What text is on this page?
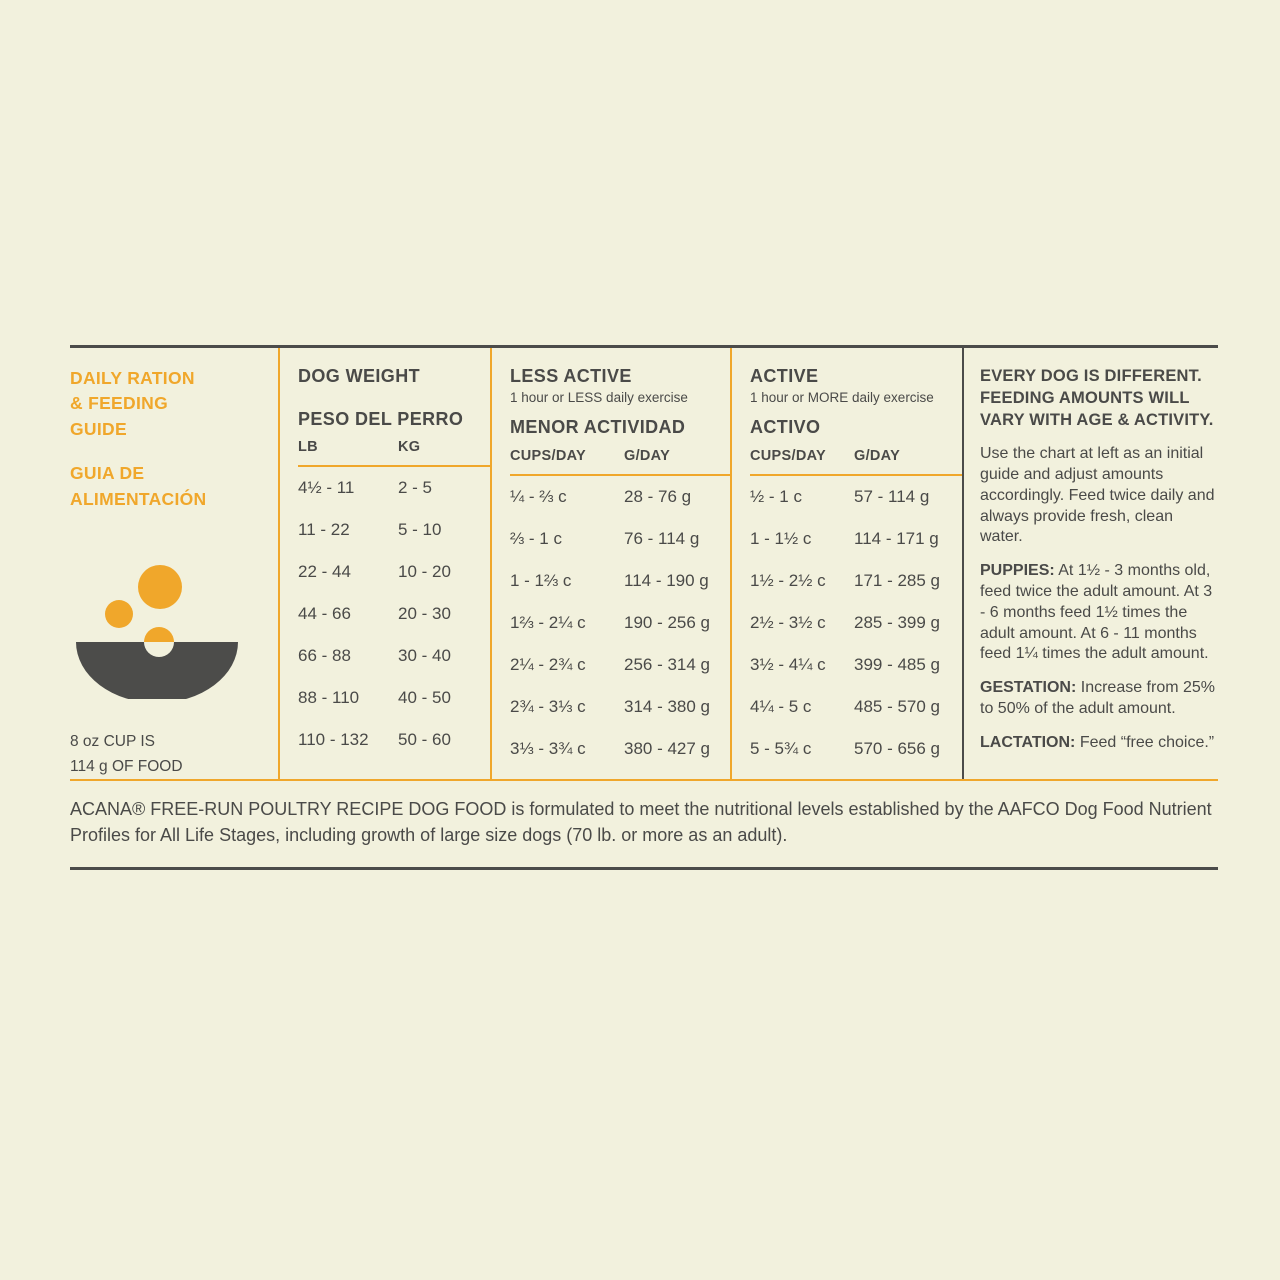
DAILY RATION
& FEEDING
GUIDE
GUIA DE
ALIMENTACIÓN
8 oz CUP IS
114 g OF FOOD
DOG WEIGHT
PESO DEL PERRO
LB	KG
4½ - 11	2 - 5
11 - 22	5 - 10
22 - 44	10 - 20
44 - 66	20 - 30
66 - 88	30 - 40
88 - 110	40 - 50
110 - 132	50 - 60
LESS ACTIVE
1 hour or LESS daily exercise
MENOR ACTIVIDAD
CUPS/DAY	G/DAY
¼ - ⅔ c	28 - 76 g
⅔ - 1 c	76 - 114 g
1 - 1⅔ c	114 - 190 g
1⅔ - 2¼ c	190 - 256 g
2¼ - 2¾ c	256 - 314 g
2¾ - 3⅓ c	314 - 380 g
3⅓ - 3¾ c	380 - 427 g
ACTIVE
1 hour or MORE daily exercise
ACTIVO
CUPS/DAY	G/DAY
½ - 1 c	57 - 114 g
1 - 1½ c	114 - 171 g
1½ - 2½ c	171 - 285 g
2½ - 3½ c	285 - 399 g
3½ - 4¼ c	399 - 485 g
4¼ - 5 c	485 - 570 g
5 - 5¾ c	570 - 656 g
EVERY DOG IS DIFFERENT.
FEEDING AMOUNTS WILL
VARY WITH AGE & ACTIVITY.
Use the chart at left as an initial guide and adjust amounts accordingly. Feed twice daily and always provide fresh, clean water.
PUPPIES: At 1½ - 3 months old, feed twice the adult amount. At 3 - 6 months feed 1½ times the adult amount. At 6 - 11 months feed 1¼ times the adult amount.
GESTATION: Increase from 25% to 50% of the adult amount.
LACTATION: Feed “free choice.”
ACANA® FREE-RUN POULTRY RECIPE DOG FOOD is formulated to meet the nutritional levels established by the AAFCO Dog Food Nutrient Profiles for All Life Stages, including growth of large size dogs (70 lb. or more as an adult).
